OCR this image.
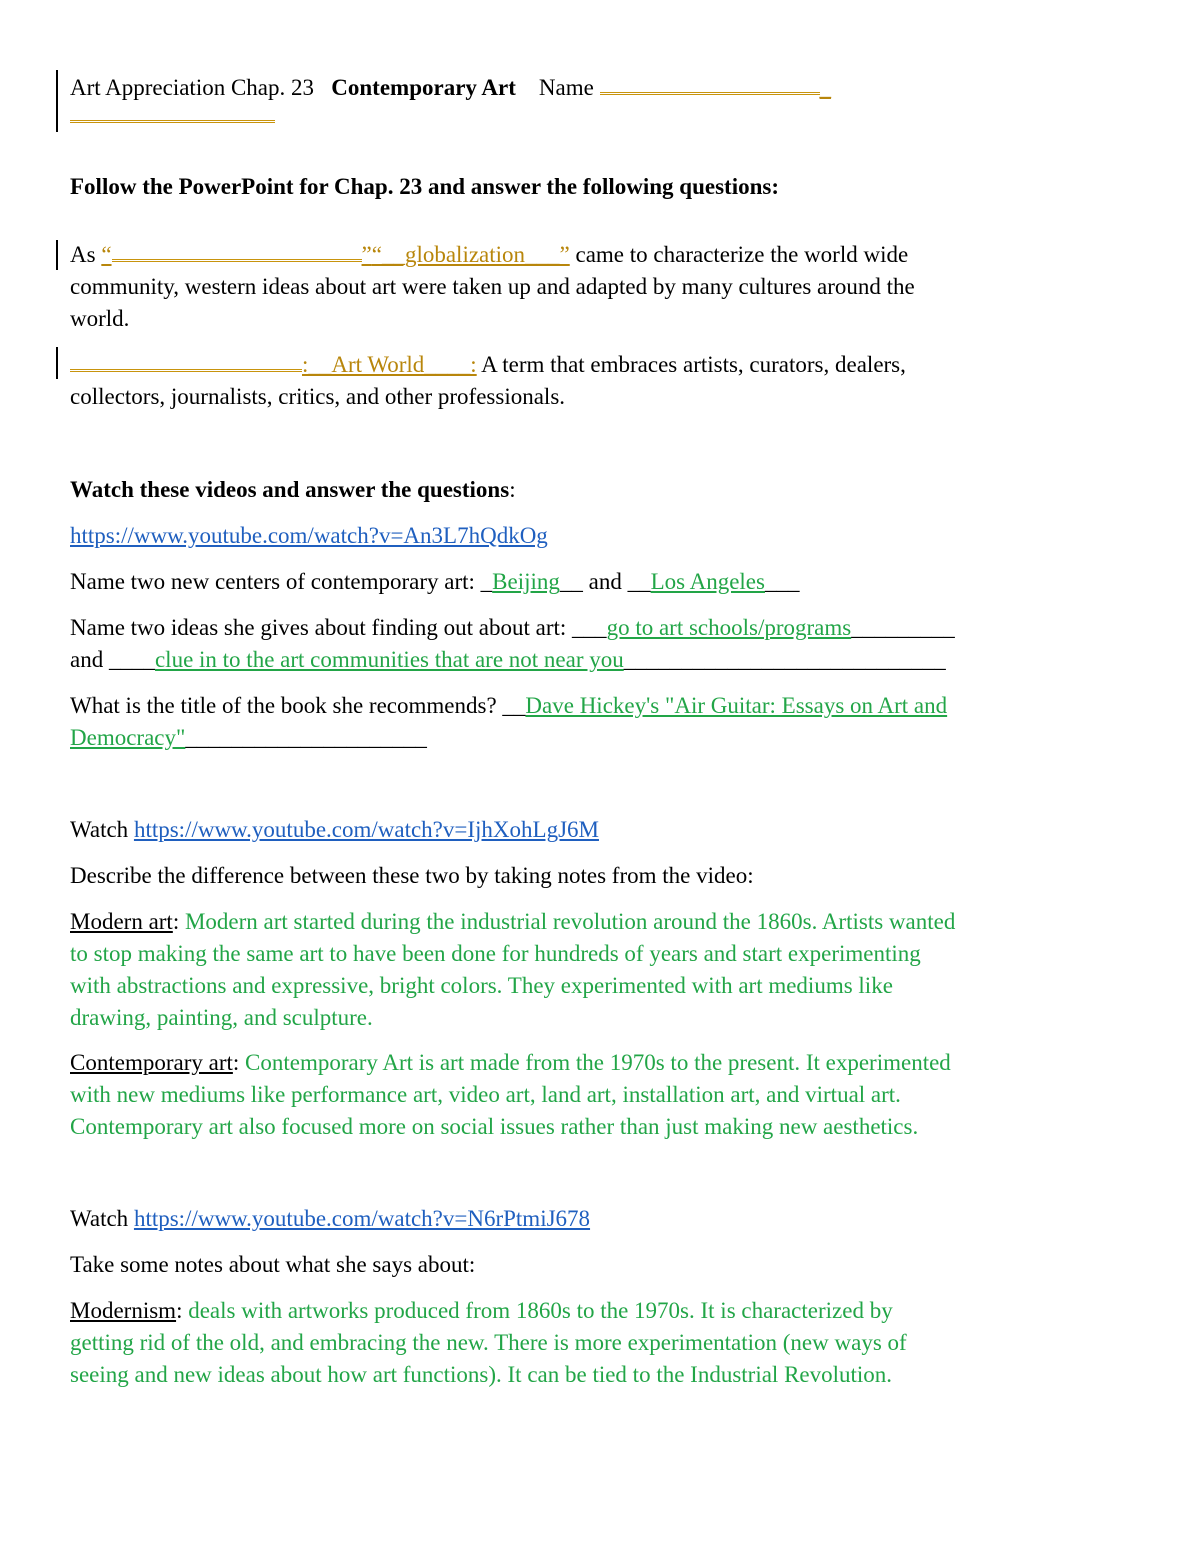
Art Appreciation Chap. 23 Contemporary Art Name	_
Follow the PowerPoint for Chap. 23 and answer the following questions:
As “	”“__globalization___” came to characterize the world wide
community, western ideas about art were taken up and adapted by many cultures around the
world.
:__Art World____: A term that embraces artists, curators, dealers,
collectors, journalists, critics, and other professionals.
Watch these videos and answer the questions:
https://www.youtube.com/watch?v=An3L7hQdkOg
Name two new centers of contemporary art: _Beijing__ and __Los Angeles___
Name two ideas she gives about finding out about art: ___go to art schools/programs_________
and ____clue in to the art communities that are not near you____________________________
What is the title of the book she recommends? __Dave Hickey's "Air Guitar: Essays on Art and
Democracy"_____________________
Watch https://www.youtube.com/watch?v=IjhXohLgJ6M
Describe the difference between these two by taking notes from the video:
Modern art: Modern art started during the industrial revolution around the 1860s. Artists wanted
to stop making the same art to have been done for hundreds of years and start experimenting
with abstractions and expressive, bright colors. They experimented with art mediums like
drawing, painting, and sculpture.
Contemporary art: Contemporary Art is art made from the 1970s to the present. It experimented
with new mediums like performance art, video art, land art, installation art, and virtual art.
Contemporary art also focused more on social issues rather than just making new aesthetics.
Watch https://www.youtube.com/watch?v=N6rPtmiJ678
Take some notes about what she says about:
Modernism: deals with artworks produced from 1860s to the 1970s. It is characterized by
getting rid of the old, and embracing the new. There is more experimentation (new ways of
seeing and new ideas about how art functions). It can be tied to the Industrial Revolution.
